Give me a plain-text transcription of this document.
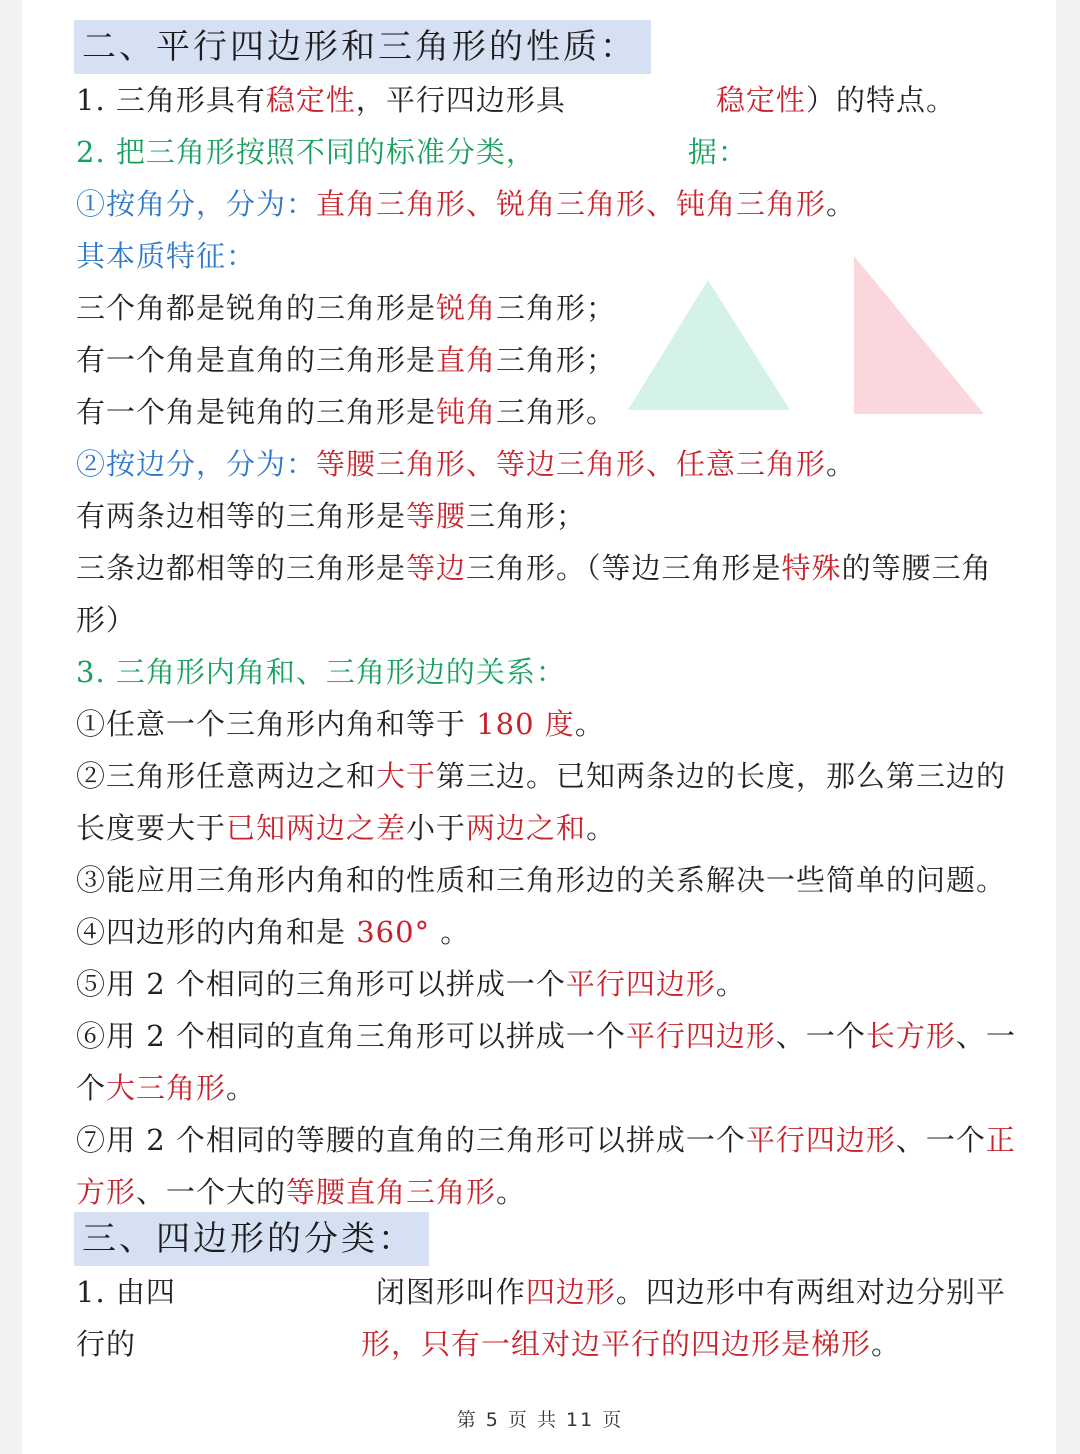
二、平行四边形和三角形的性质：
1. 三角形具有稳定性，平行四边形具	稳定性）的特点。
2. 把三角形按照不同的标准分类，	据：
①按角分，分为：直角三角形、锐角三角形、钝角三角形。
其本质特征：
三个角都是锐角的三角形是锐角三角形；
有一个角是直角的三角形是直角三角形；
有一个角是钝角的三角形是钝角三角形。
②按边分，分为：等腰三角形、等边三角形、任意三角形。
有两条边相等的三角形是等腰三角形；
三条边都相等的三角形是等边三角形。（等边三角形是特殊的等腰三角
形）
3. 三角形内角和、三角形边的关系：
①任意一个三角形内角和等于 180 度。
②三角形任意两边之和大于第三边。已知两条边的长度，那么第三边的
长度要大于已知两边之差小于两边之和。
③能应用三角形内角和的性质和三角形边的关系解决一些简单的问题。
④四边形的内角和是 360° 。
⑤用 2 个相同的三角形可以拼成一个平行四边形。
⑥用 2 个相同的直角三角形可以拼成一个平行四边形、一个长方形、一
个大三角形。
⑦用 2 个相同的等腰的直角的三角形可以拼成一个平行四边形、一个正
方形、一个大的等腰直角三角形。
三、四边形的分类：
1. 由四	闭图形叫作四边形。四边形中有两组对边分别平
行的	形，只有一组对边平行的四边形是梯形。
第 5 页 共 11 页
